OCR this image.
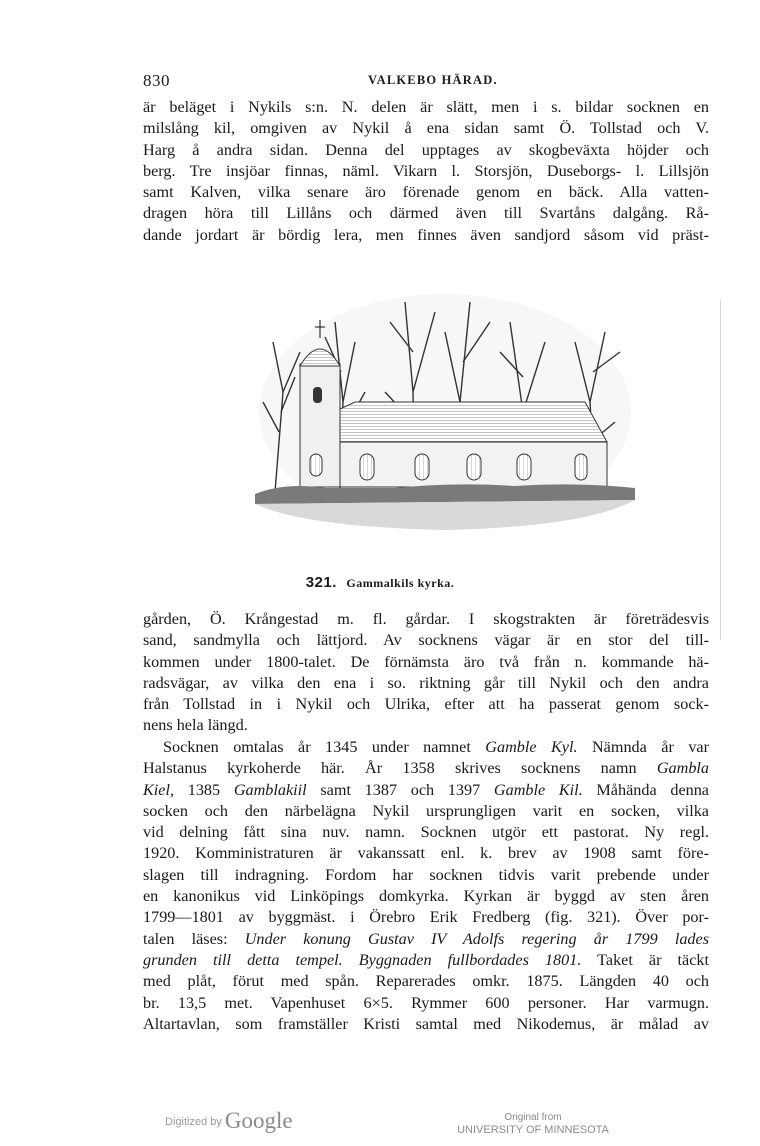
830	VALKEBO HÄRAD.

är beläget i Nykils s:n. N. delen är slätt, men i s. bildar socknen en
milslång kil, omgiven av Nykil å ena sidan samt Ö. Tollstad och V.
Harg å andra sidan. Denna del upptages av skogbeväxta höjder och
berg. Tre insjöar finnas, näml. Vikarn l. Storsjön, Duseborgs- l. Lillsjön
samt Kalven, vilka senare äro förenade genom en bäck. Alla vatten-
dragen höra till Lillåns och därmed även till Svartåns dalgång. Rå-
dande jordart är bördig lera, men finnes även sandjord såsom vid präst-

321. Gammalkils kyrka.

gården, Ö. Krångestad m. fl. gårdar. I skogstrakten är företrädesvis
sand, sandmylla och lättjord. Av socknens vägar är en stor del till-
kommen under 1800-talet. De förnämsta äro två från n. kommande hä-
radsvägar, av vilka den ena i so. riktning går till Nykil och den andra
från Tollstad in i Nykil och Ulrika, efter att ha passerat genom sock-
nens hela längd.

Socknen omtalas år 1345 under namnet Gamble Kyl. Nämnda år var
Halstanus kyrkoherde här. År 1358 skrives socknens namn Gambla
Kiel, 1385 Gamblakiil samt 1387 och 1397 Gamble Kil. Måhända denna
socken och den närbelägna Nykil ursprungligen varit en socken, vilka
vid delning fått sina nuv. namn. Socknen utgör ett pastorat. Ny regl.
1920. Komministraturen är vakanssatt enl. k. brev av 1908 samt före-
slagen till indragning. Fordom har socknen tidvis varit prebende under
en kanonikus vid Linköpings domkyrka. Kyrkan är byggd av sten åren
1799—1801 av byggmäst. i Örebro Erik Fredberg (fig. 321). Över por-
talen läses: Under konung Gustav IV Adolfs regering år 1799 lades
grunden till detta tempel. Byggnaden fullbordades 1801. Taket är täckt
med plåt, förut med spån. Reparerades omkr. 1875. Längden 40 och
br. 13,5 met. Vapenhuset 6×5. Rymmer 600 personer. Har varmugn.
Altartavlan, som framställer Kristi samtal med Nikodemus, är målad av

Digitized by Google	Original from
UNIVERSITY OF MINNESOTA
